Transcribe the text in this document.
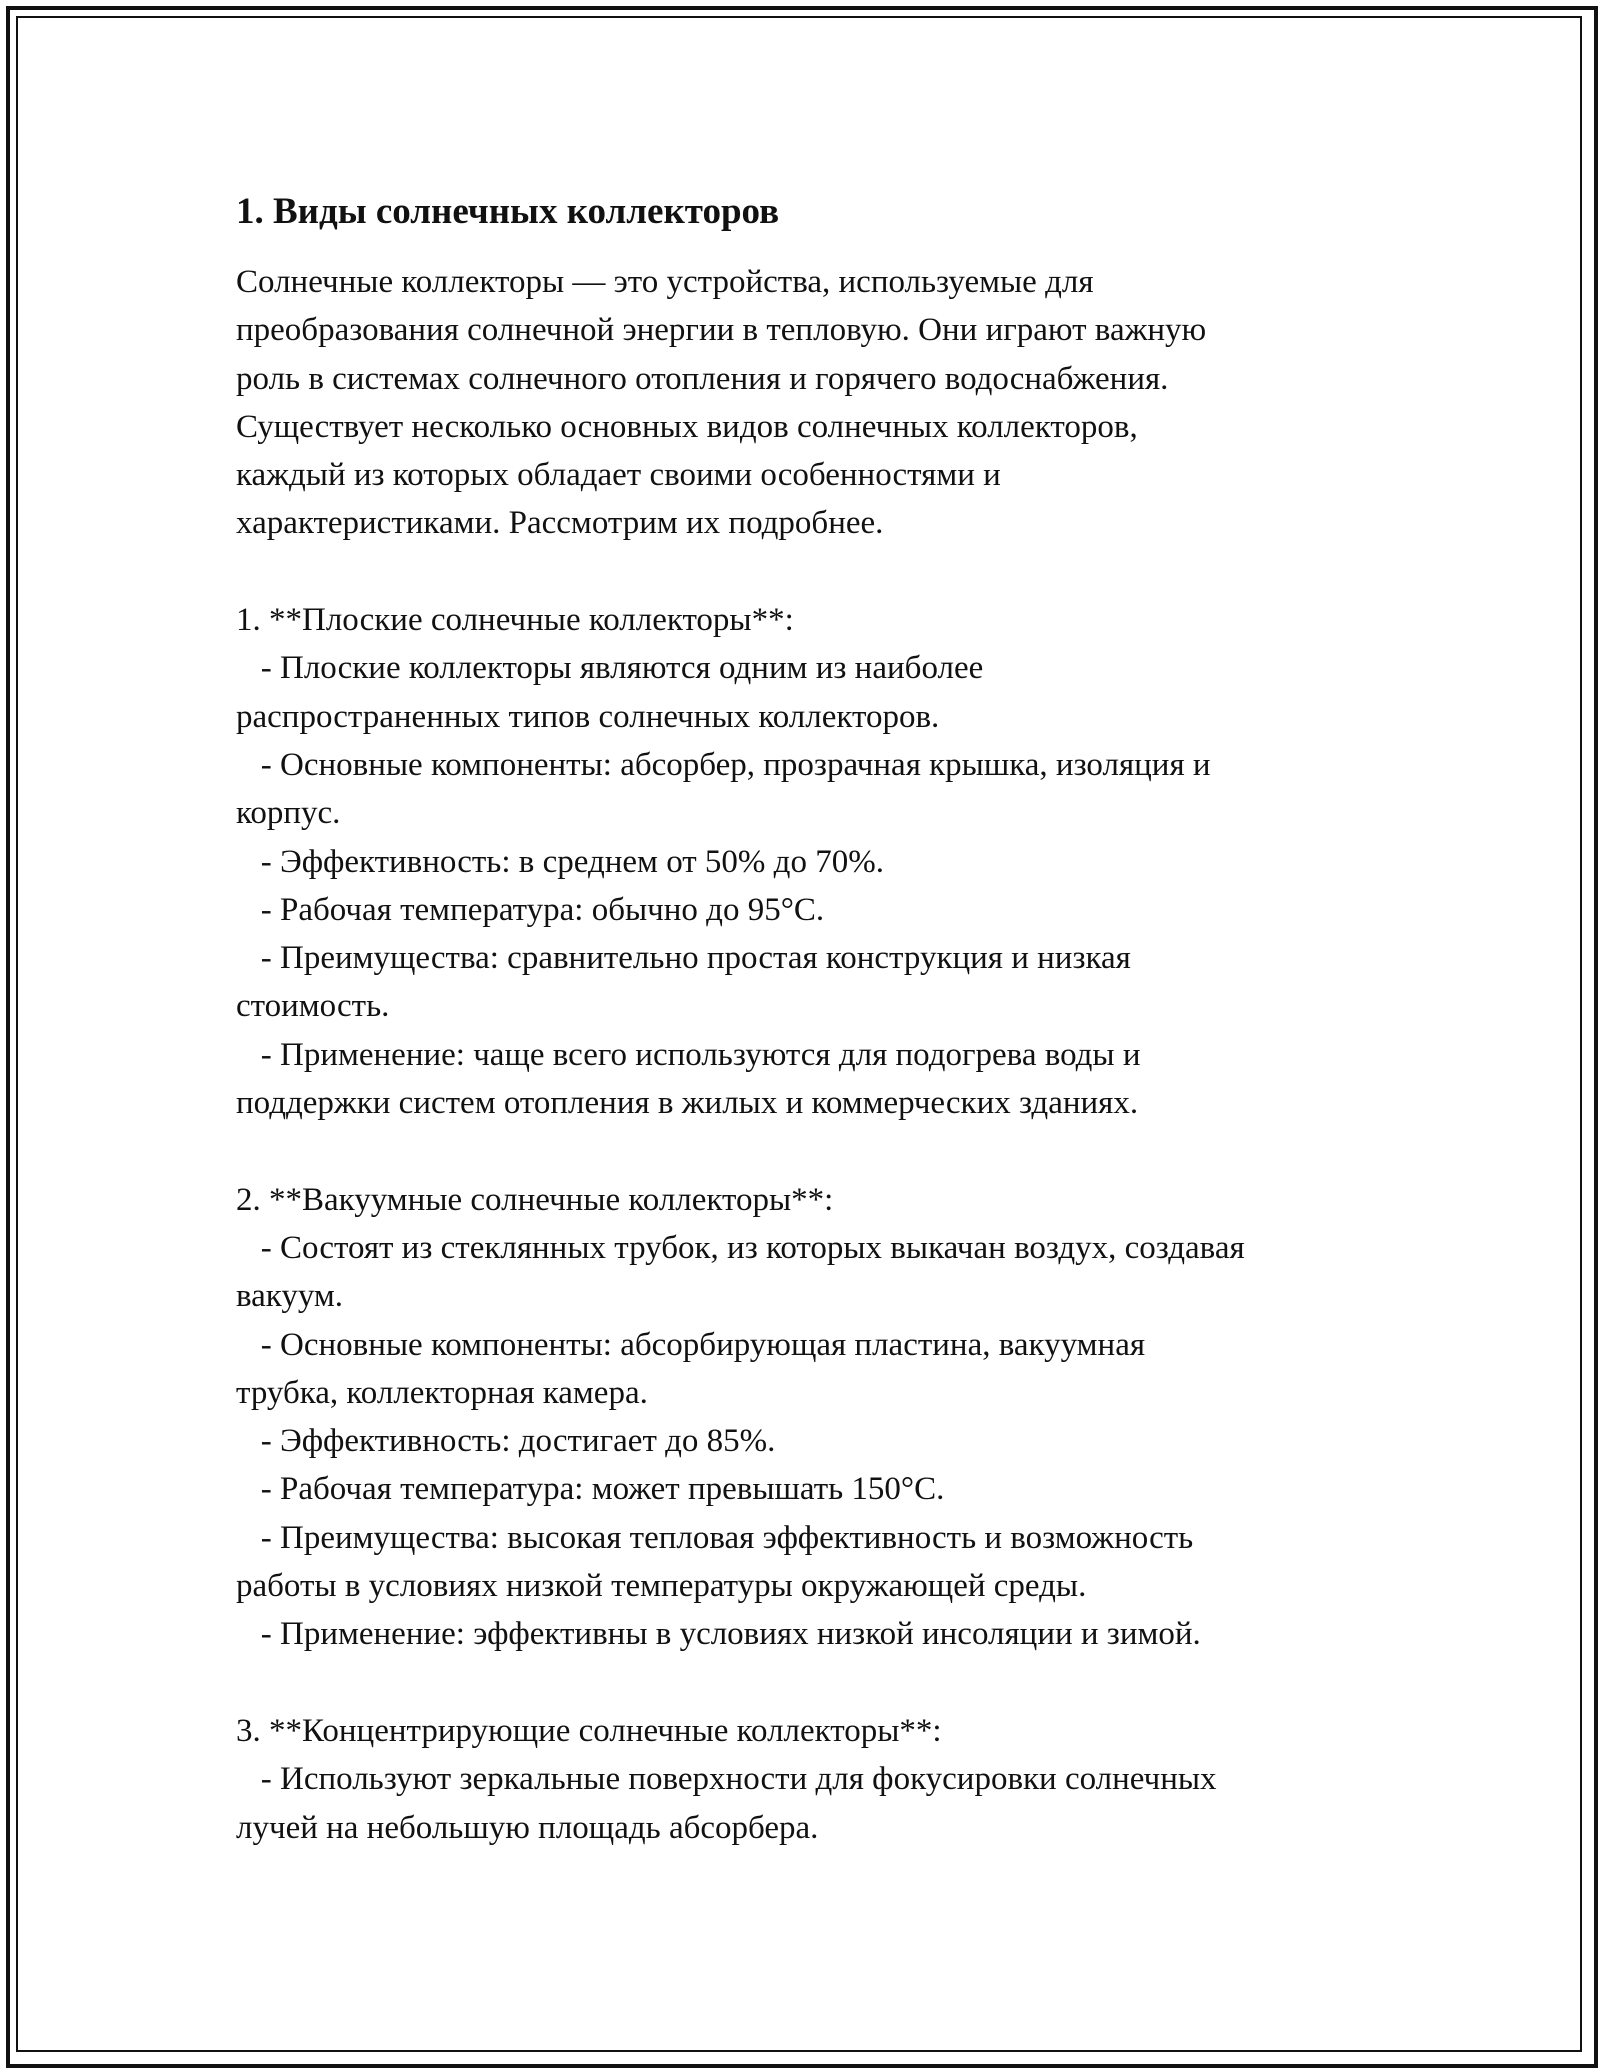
1. Виды солнечных коллекторов
Солнечные коллекторы — это устройства, используемые для
преобразования солнечной энергии в тепловую. Они играют важную
роль в системах солнечного отопления и горячего водоснабжения.
Существует несколько основных видов солнечных коллекторов,
каждый из которых обладает своими особенностями и
характеристиками. Рассмотрим их подробнее.
1. **Плоские солнечные коллекторы**:
- Плоские коллекторы являются одним из наиболее
распространенных типов солнечных коллекторов.
- Основные компоненты: абсорбер, прозрачная крышка, изоляция и
корпус.
- Эффективность: в среднем от 50% до 70%.
- Рабочая температура: обычно до 95°C.
- Преимущества: сравнительно простая конструкция и низкая
стоимость.
- Применение: чаще всего используются для подогрева воды и
поддержки систем отопления в жилых и коммерческих зданиях.
2. **Вакуумные солнечные коллекторы**:
- Состоят из стеклянных трубок, из которых выкачан воздух, создавая
вакуум.
- Основные компоненты: абсорбирующая пластина, вакуумная
трубка, коллекторная камера.
- Эффективность: достигает до 85%.
- Рабочая температура: может превышать 150°C.
- Преимущества: высокая тепловая эффективность и возможность
работы в условиях низкой температуры окружающей среды.
- Применение: эффективны в условиях низкой инсоляции и зимой.
3. **Концентрирующие солнечные коллекторы**:
- Используют зеркальные поверхности для фокусировки солнечных
лучей на небольшую площадь абсорбера.
